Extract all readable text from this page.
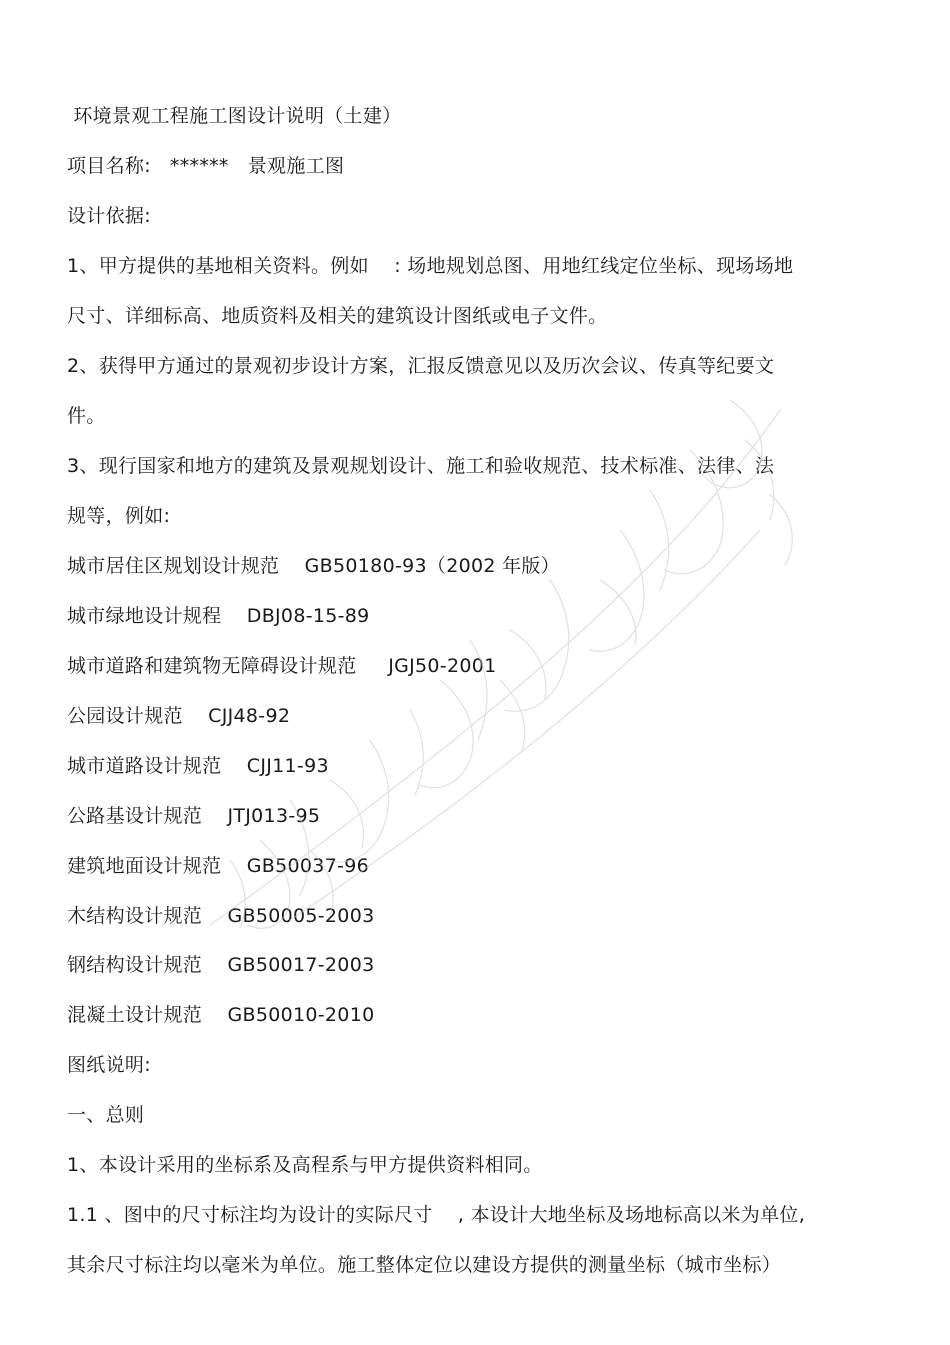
环境景观工程施工图设计说明（土建）
项目名称:   ******   景观施工图
设计依据:
1、甲方提供的基地相关资料。例如    : 场地规划总图、用地红线定位坐标、现场场地
尺寸、详细标高、地质资料及相关的建筑设计图纸或电子文件。
2、获得甲方通过的景观初步设计方案，汇报反馈意见以及历次会议、传真等纪要文
件。
3、现行国家和地方的建筑及景观规划设计、施工和验收规范、技术标准、法律、法
规等，例如:
城市居住区规划设计规范    GB50180-93（2002 年版）
城市绿地设计规程    DBJ08-15-89
城市道路和建筑物无障碍设计规范     JGJ50-2001
公园设计规范    CJJ48-92
城市道路设计规范    CJJ11-93
公路基设计规范    JTJ013-95
建筑地面设计规范    GB50037-96
木结构设计规范    GB50005-2003
钢结构设计规范    GB50017-2003
混凝土设计规范    GB50010-2010
图纸说明:
一、总则
1、本设计采用的坐标系及高程系与甲方提供资料相同。
1.1 、图中的尺寸标注均为设计的实际尺寸    , 本设计大地坐标及场地标高以米为单位,
其余尺寸标注均以毫米为单位。施工整体定位以建设方提供的测量坐标（城市坐标）
